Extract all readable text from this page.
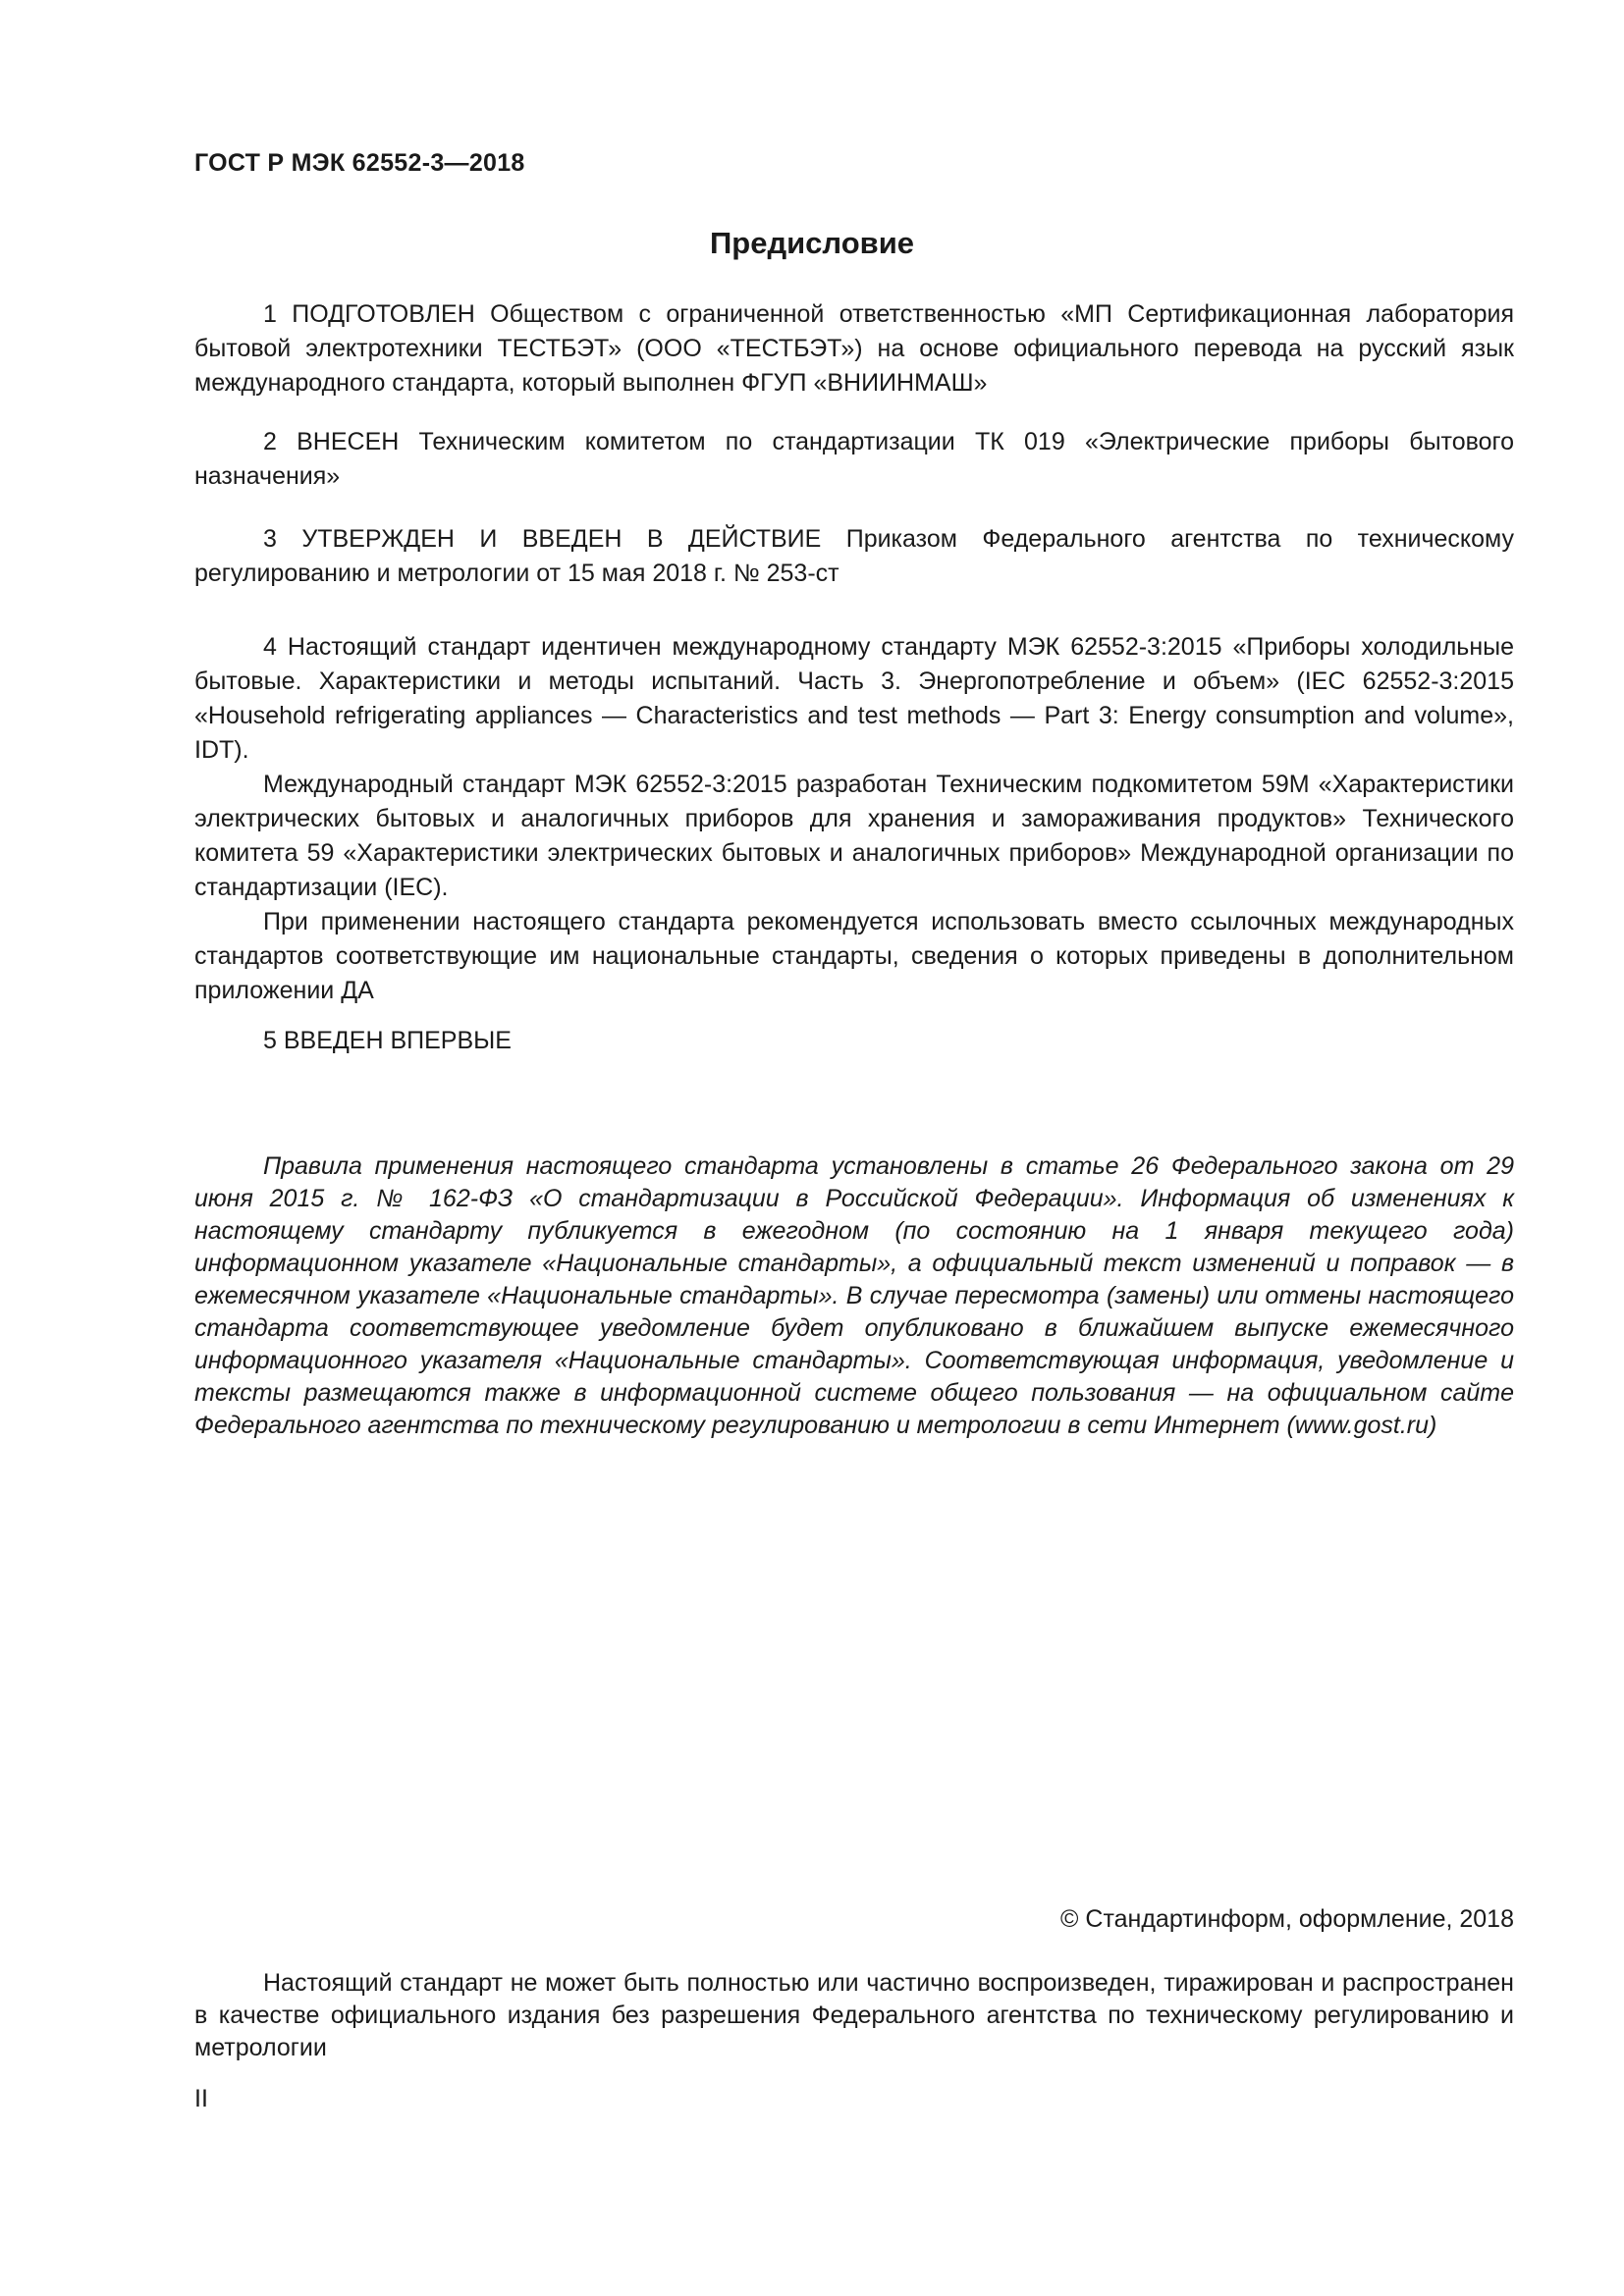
ГОСТ Р МЭК 62552-3—2018
Предисловие

1 ПОДГОТОВЛЕН Обществом с ограниченной ответственностью «МП Сертификационная лаборатория бытовой электротехники ТЕСТБЭТ» (ООО «ТЕСТБЭТ») на основе официального перевода на русский язык международного стандарта, который выполнен ФГУП «ВНИИНМАШ»

2 ВНЕСЕН Техническим комитетом по стандартизации ТК 019 «Электрические приборы бытового назначения»

3 УТВЕРЖДЕН И ВВЕДЕН В ДЕЙСТВИЕ Приказом Федерального агентства по техническому регулированию и метрологии от 15 мая 2018 г. № 253-ст

4 Настоящий стандарт идентичен международному стандарту МЭК 62552-3:2015 «Приборы холодильные бытовые. Характеристики и методы испытаний. Часть 3. Энергопотребление и объем» (IEC 62552-3:2015 «Household refrigerating appliances — Characteristics and test methods — Part 3: Energy consumption and volume», IDT).

Международный стандарт МЭК 62552-3:2015 разработан Техническим подкомитетом 59M «Характеристики электрических бытовых и аналогичных приборов для хранения и замораживания продуктов» Технического комитета 59 «Характеристики электрических бытовых и аналогичных приборов» Международной организации по стандартизации (IEC).

При применении настоящего стандарта рекомендуется использовать вместо ссылочных международных стандартов соответствующие им национальные стандарты, сведения о которых приведены в дополнительном приложении ДА

5 ВВЕДЕН ВПЕРВЫЕ

Правила применения настоящего стандарта установлены в статье 26 Федерального закона от 29 июня 2015 г. № 162-ФЗ «О стандартизации в Российской Федерации». Информация об изменениях к настоящему стандарту публикуется в ежегодном (по состоянию на 1 января текущего года) информационном указателе «Национальные стандарты», а официальный текст изменений и поправок — в ежемесячном указателе «Национальные стандарты». В случае пересмотра (замены) или отмены настоящего стандарта соответствующее уведомление будет опубликовано в ближайшем выпуске ежемесячного информационного указателя «Национальные стандарты». Соответствующая информация, уведомление и тексты размещаются также в информационной системе общего пользования — на официальном сайте Федерального агентства по техническому регулированию и метрологии в сети Интернет (www.gost.ru)
© Стандартинформ, оформление, 2018
Настоящий стандарт не может быть полностью или частично воспроизведен, тиражирован и распространен в качестве официального издания без разрешения Федерального агентства по техническому регулированию и метрологии
II
